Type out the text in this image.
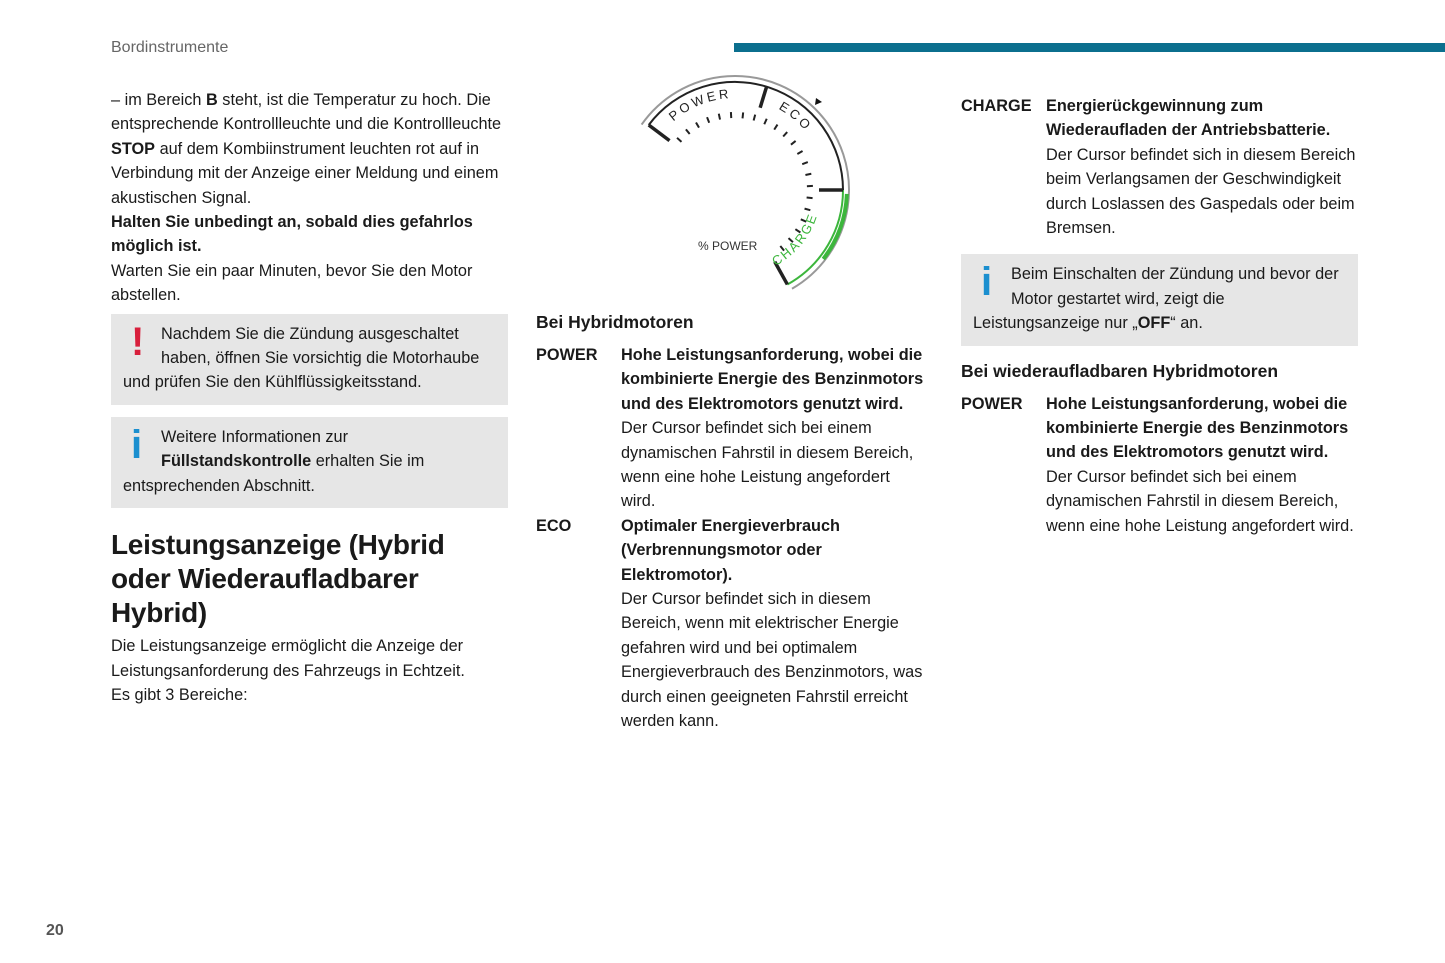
Bordinstrumente

– im Bereich B steht, ist die Temperatur zu hoch. Die entsprechende Kontrollleuchte und die Kontrollleuchte STOP auf dem Kombiinstrument leuchten rot auf in Verbindung mit der Anzeige einer Meldung und einem akustischen Signal.

Halten Sie unbedingt an, sobald dies gefahrlos möglich ist.

Warten Sie ein paar Minuten, bevor Sie den Motor abstellen.

!	Nachdem Sie die Zündung ausgeschaltet haben, öffnen Sie vorsichtig die Motorhaube und prüfen Sie den Kühlflüssigkeitsstand.
i	Weitere Informationen zur Füllstandskontrolle erhalten Sie im entsprechenden Abschnitt.
Leistungsanzeige (Hybrid oder Wiederaufladbarer Hybrid)

Die Leistungsanzeige ermöglicht die Anzeige der Leistungsanforderung des Fahrzeugs in Echtzeit.

Es gibt 3 Bereiche:

POWER
ECO
CHARGE
% POWER
Bei Hybridmotoren
POWER	Hohe Leistungsanforderung, wobei die kombinierte Energie des Benzinmotors und des Elektromotors genutzt wird.
Der Cursor befindet sich bei einem dynamischen Fahrstil in diesem Bereich, wenn eine hohe Leistung angefordert wird.
ECO	Optimaler Energieverbrauch (Verbrennungsmotor oder Elektromotor).
Der Cursor befindet sich in diesem Bereich, wenn mit elektrischer Energie gefahren wird und bei optimalem Energieverbrauch des Benzinmotors, was durch einen geeigneten Fahrstil erreicht werden kann.
CHARGE Energierückgewinnung zum Wiederaufladen der Antriebsbatterie.
Der Cursor befindet sich in diesem Bereich beim Verlangsamen der Geschwindigkeit durch Loslassen des Gaspedals oder beim Bremsen.
i	Beim Einschalten der Zündung und bevor der Motor gestartet wird, zeigt die Leistungsanzeige nur „OFF“ an.
Bei wiederaufladbaren Hybridmotoren
POWER	Hohe Leistungsanforderung, wobei die kombinierte Energie des Benzinmotors und des Elektromotors genutzt wird.
Der Cursor befindet sich bei einem dynamischen Fahrstil in diesem Bereich, wenn eine hohe Leistung angefordert wird.
20
